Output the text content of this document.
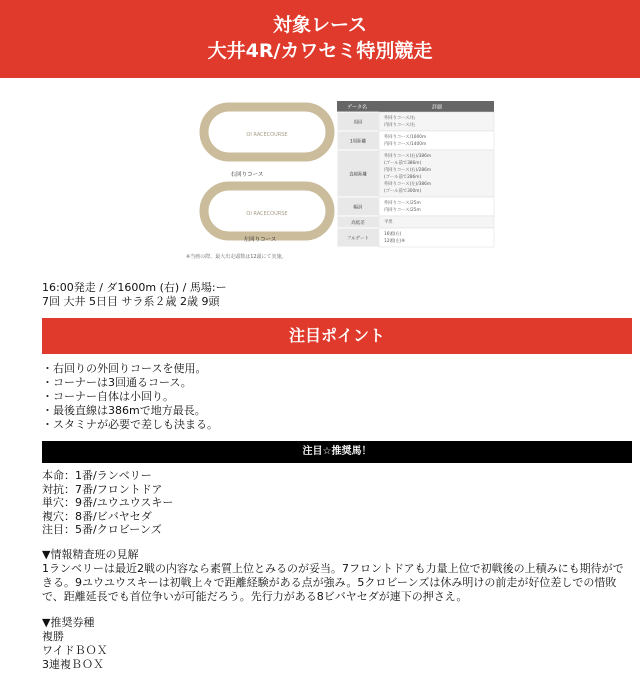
対象レース
大井4R/カワセミ特別競走
OI RACECOURSE
右回りコース
OI RACECOURSE
左回りコース
データ名	詳細
周回
外回りコース/右
内回りコース/右
1周距離
外回りコース/1600m
内回りコース/1400m
直線距離
外回りコース(右)/386m
(ゴール前で386m)
内回りコース(右)/286m
(ゴール前で286m)
外回りコース(左)/386m
(ゴール前で300m)
幅員
外回りコース/25m
内回りコース/25m
高低差	平坦
フルゲート
16頭(右)
12頭(左)※
※当画の際、最大出走頭数は12頭にて実施。
16:00発走 / ダ1600m (右) / 馬場:ー
7回 大井 5日目 サラ系２歳 2歳 9頭
注目ポイント
・右回りの外回りコースを使用。
・コーナーは3回通るコース。
・コーナー自体は小回り。
・最後直線は386mで地方最長。
・スタミナが必要で差しも決まる。
注目☆推奨馬！
本命：1番/ランベリー
対抗：7番/フロントドア
単穴：9番/ユウユウスキー
複穴：8番/ビバヤセダ
注目：5番/クロビーンズ
▼情報精査班の見解
1ランベリーは最近2戦の内容なら素質上位とみるのが妥当。7フロントドアも力量上位で初戦後の上積みにも期待ができる。9ユウユウスキーは初戦上々で距離経験がある点が強み。5クロビーンズは休み明けの前走が好位差しでの惜敗で、距離延長でも首位争いが可能だろう。先行力がある8ビバヤセダが連下の押さえ。
▼推奨券種
複勝
ワイドＢＯＸ
3連複ＢＯＸ
